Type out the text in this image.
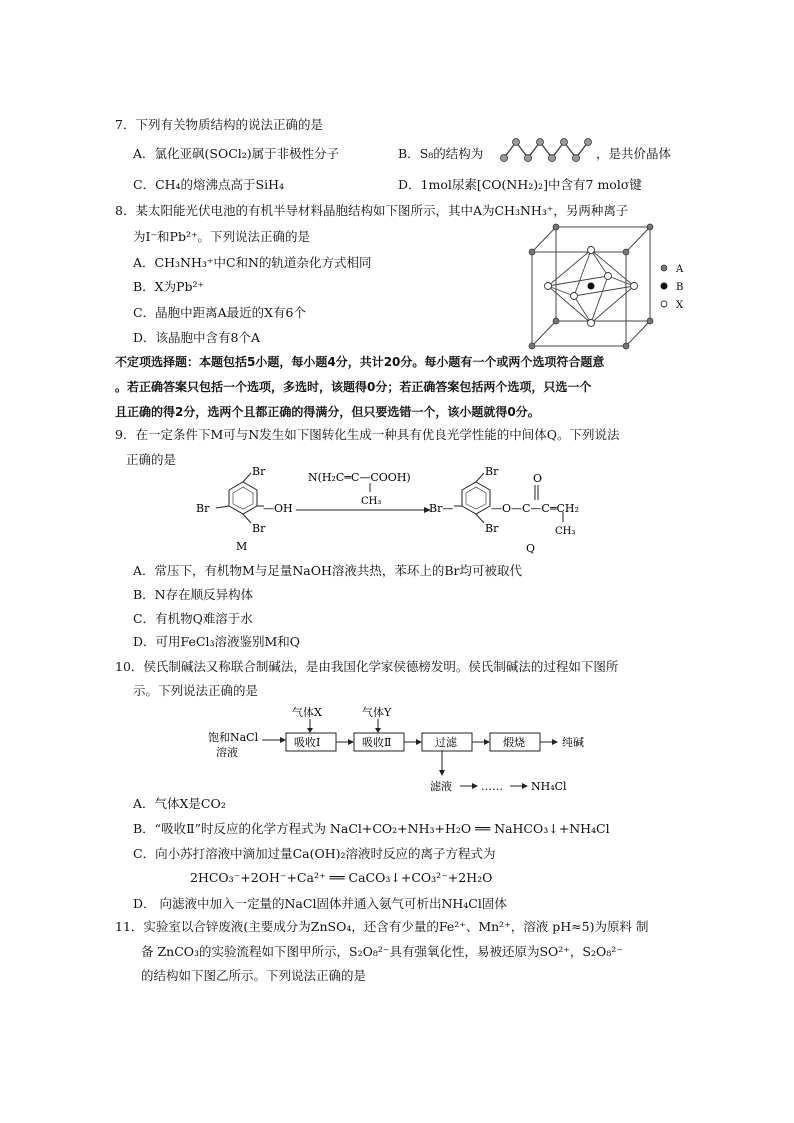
7．下列有关物质结构的说法正确的是
A．氯化亚砜(SOCl₂)属于非极性分子	B．S₈的结构为	，是共价晶体
C．CH₄的熔沸点高于SiH₄	D．1mol尿素[CO(NH₂)₂]中含有7 molσ键
8．某太阳能光伏电池的有机半导材料晶胞结构如下图所示，其中A为CH₃NH₃⁺，另两种离子
为I⁻和Pb²⁺。下列说法正确的是
A．CH₃NH₃⁺中C和N的轨道杂化方式相同
B．X为Pb²⁺
C．晶胞中距离A最近的X有6个
D．该晶胞中含有8个A
A
B
X
不定项选择题：本题包括5小题，每小题4分，共计20分。每小题有一个或两个选项符合题意
。若正确答案只包括一个选项，多选时，该题得0分；若正确答案包括两个选项，只选一个
且正确的得2分，选两个且都正确的得满分，但只要选错一个，该小题就得0分。
9．在一定条件下M可与N发生如下图转化生成一种具有优良光学性能的中间体Q。下列说法
正确的是
Br
Br
Br	—OH
M
N(H₂C═C—COOH)
CH₃
Br
Br
Br—	—O—C—C═CH₂
O
CH₃
Q
A．常压下，有机物M与足量NaOH溶液共热，苯环上的Br均可被取代
B．N存在顺反异构体
C．有机物Q难溶于水
D．可用FeCl₃溶液鉴别M和Q
10．侯氏制碱法又称联合制碱法，是由我国化学家侯德榜发明。侯氏制碱法的过程如下图所
示。下列说法正确的是
饱和NaCl
溶液
气体X
吸收Ⅰ
气体Y
吸收Ⅱ	过滤	煅烧	纯碱
滤液	……	NH₄Cl
A．气体X是CO₂
B．“吸收Ⅱ”时反应的化学方程式为 NaCl+CO₂+NH₃+H₂O ══ NaHCO₃↓+NH₄Cl
C．向小苏打溶液中滴加过量Ca(OH)₂溶液时反应的离子方程式为
2HCO₃⁻+2OH⁻+Ca²⁺ ══ CaCO₃↓+CO₃²⁻+2H₂O
D． 向滤液中加入一定量的NaCl固体并通入氨气可析出NH₄Cl固体
11．实验室以合锌废液(主要成分为ZnSO₄，还含有少量的Fe²⁺、Mn²⁺，溶液 pH≈5)为原料 制
备 ZnCO₃的实验流程如下图甲所示，S₂O₈²⁻具有强氧化性，易被还原为SO²⁺，S₂O₈²⁻
的结构如下图乙所示。下列说法正确的是
